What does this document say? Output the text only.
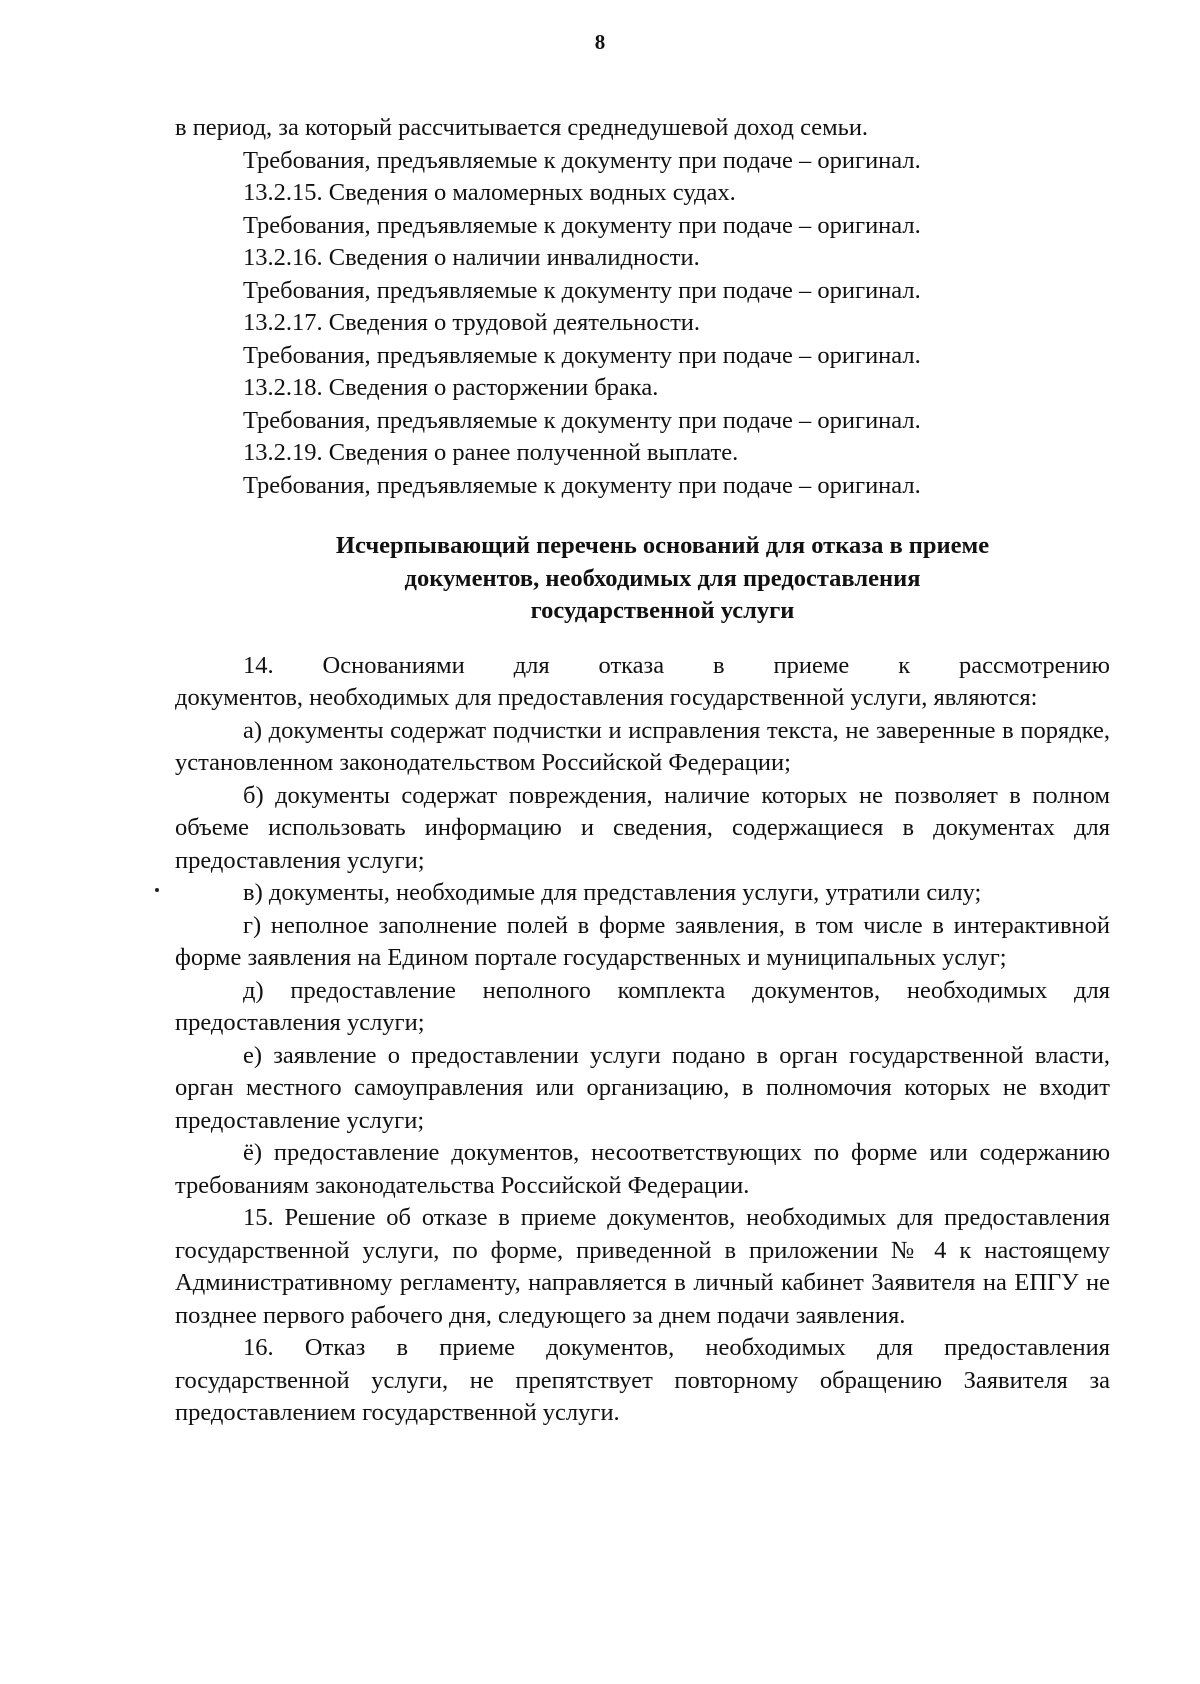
8
в период, за который рассчитывается среднедушевой доход семьи.
Требования, предъявляемые к документу при подаче – оригинал.
13.2.15. Сведения о маломерных водных судах.
Требования, предъявляемые к документу при подаче – оригинал.
13.2.16. Сведения о наличии инвалидности.
Требования, предъявляемые к документу при подаче – оригинал.
13.2.17. Сведения о трудовой деятельности.
Требования, предъявляемые к документу при подаче – оригинал.
13.2.18. Сведения о расторжении брака.
Требования, предъявляемые к документу при подаче – оригинал.
13.2.19. Сведения о ранее полученной выплате.
Требования, предъявляемые к документу при подаче – оригинал.
Исчерпывающий перечень оснований для отказа в приеме
документов, необходимых для предоставления
государственной услуги
14. Основаниями для отказа в приеме к рассмотрению
документов, необходимых для предоставления государственной услуги, являются:
а) документы содержат подчистки и исправления текста, не заверенные в порядке, установленном законодательством Российской Федерации;
б) документы содержат повреждения, наличие которых не позволяет в полном объеме использовать информацию и сведения, содержащиеся в документах для предоставления услуги;
в) документы, необходимые для представления услуги, утратили силу;
г) неполное заполнение полей в форме заявления, в том числе в интерактивной форме заявления на Едином портале государственных и муниципальных услуг;
д) предоставление неполного комплекта документов, необходимых для предоставления услуги;
е) заявление о предоставлении услуги подано в орган государственной власти, орган местного самоуправления или организацию, в полномочия которых не входит предоставление услуги;
ё) предоставление документов, несоответствующих по форме или содержанию требованиям законодательства Российской Федерации.
15. Решение об отказе в приеме документов, необходимых для предоставления государственной услуги, по форме, приведенной в приложении № 4 к настоящему Административному регламенту, направляется в личный кабинет Заявителя на ЕПГУ не позднее первого рабочего дня, следующего за днем подачи заявления.
16. Отказ в приеме документов, необходимых для предоставления государственной услуги, не препятствует повторному обращению Заявителя за предоставлением государственной услуги.
